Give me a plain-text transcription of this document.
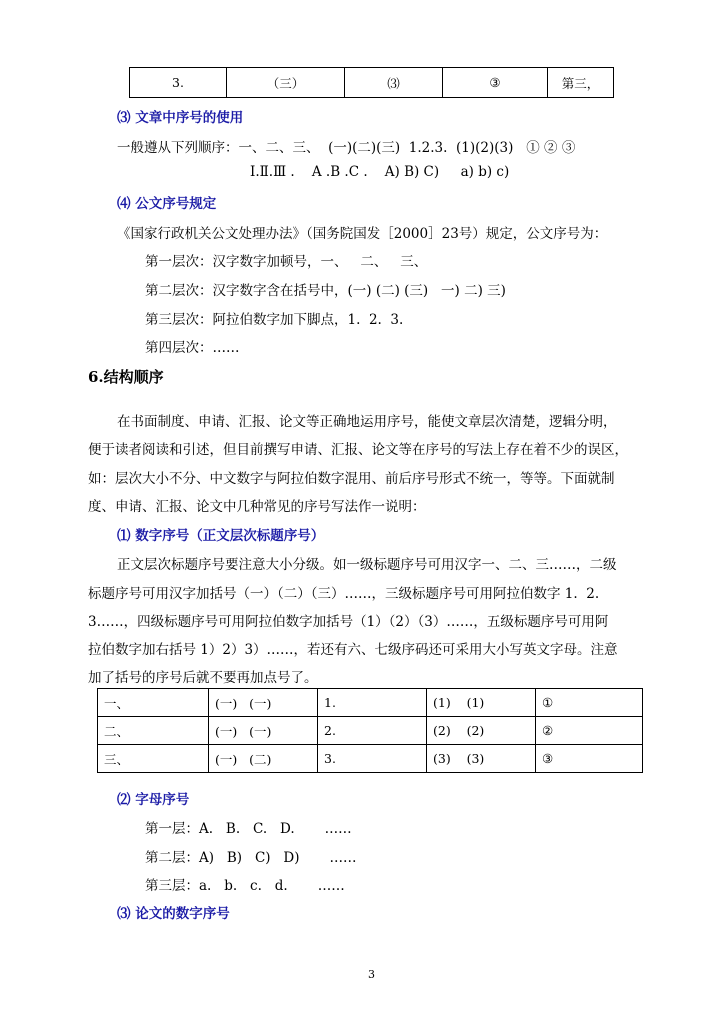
3.	（三）	⑶	③	第三，
⑶ 文章中序号的使用
一般遵从下列顺序：一、二、三、  (一)(二)(三)  1.2.3.  (1)(2)(3)   ① ② ③
Ⅰ.Ⅱ.Ⅲ .    A .B .C .    A) B) C)     a) b) c)
⑷ 公文序号规定
《国家行政机关公文处理办法》（国务院国发［2000］23号）规定，公文序号为：
第一层次：汉字数字加顿号，一、   二、   三、
第二层次：汉字数字含在括号中，(一) (二) (三)   一) 二) 三)
第三层次：阿拉伯数字加下脚点，1.  2.  3.
第四层次：……
6.结构顺序
在书面制度、申请、汇报、论文等正确地运用序号，能使文章层次清楚，逻辑分明，
便于读者阅读和引述，但目前撰写申请、汇报、论文等在序号的写法上存在着不少的误区，
如：层次大小不分、中文数字与阿拉伯数字混用、前后序号形式不统一，等等。下面就制
度、申请、汇报、论文中几种常见的序号写法作一说明：
⑴ 数字序号（正文层次标题序号）
正文层次标题序号要注意大小分级。如一级标题序号可用汉字一、二、三……，二级
标题序号可用汉字加括号（一）（二）（三）……，三级标题序号可用阿拉伯数字 1.  2.
3……，四级标题序号可用阿拉伯数字加括号（1）（2）（3）……，五级标题序号可用阿
拉伯数字加右括号 1）2）3）……，若还有六、七级序码还可采用大小写英文字母。注意
加了括号的序号后就不要再加点号了。
一、	(一)   (一)	1.	(1)    (1)	①
二、	(一)   (一)	2.	(2)    (2)	②
三、	(一)   (二)	3.	(3)    (3)	③
⑵ 字母序号
第一层：A.   B.   C.   D.       ……
第二层：A)   B)   C)   D)       ……
第三层：a.   b.   c.   d.       ……
⑶ 论文的数字序号
3
